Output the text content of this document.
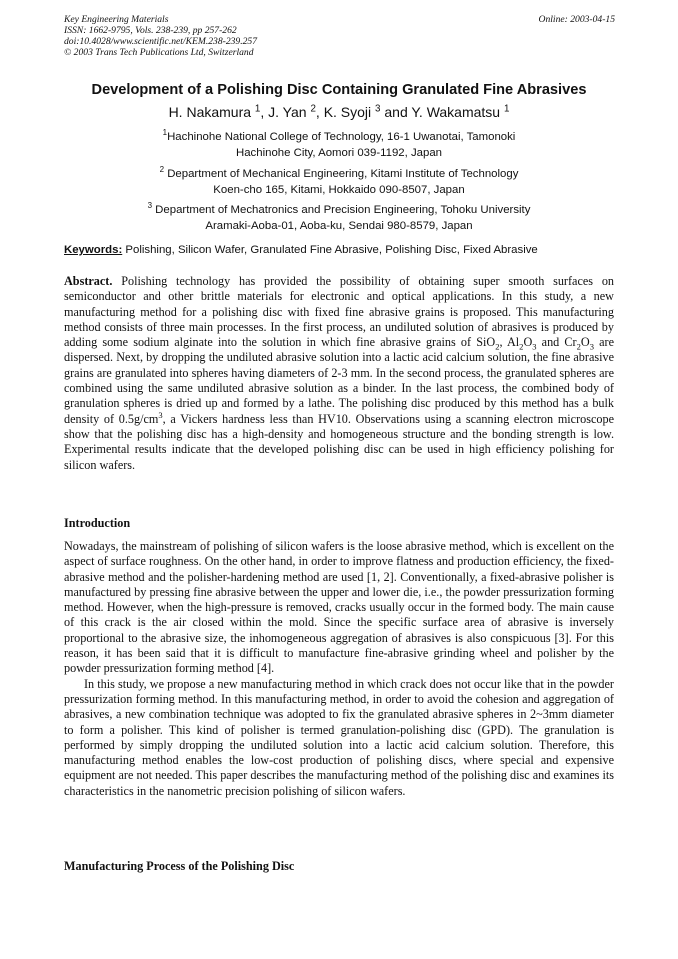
Key Engineering Materials
ISSN: 1662-9795, Vols. 238-239, pp 257-262
doi:10.4028/www.scientific.net/KEM.238-239.257
© 2003 Trans Tech Publications Ltd, Switzerland
Online: 2003-04-15
Development of a Polishing Disc Containing Granulated Fine Abrasives
H. Nakamura $^1$, J. Yan $^2$, K. Syoji $^3$ and Y. Wakamatsu $^1$
$^1$Hachinohe National College of Technology, 16-1 Uwanotai, Tamonoki
Hachinohe City, Aomori 039-1192, Japan
$^2$ Department of Mechanical Engineering, Kitami Institute of Technology
Koen-cho 165, Kitami, Hokkaido 090-8507, Japan
$^3$ Department of Mechatronics and Precision Engineering, Tohoku University
Aramaki-Aoba-01, Aoba-ku, Sendai 980-8579, Japan
Keywords: Polishing, Silicon Wafer, Granulated Fine Abrasive, Polishing Disc, Fixed Abrasive
Abstract. Polishing technology has provided the possibility of obtaining super smooth surfaces on semiconductor and other brittle materials for electronic and optical applications. In this study, a new manufacturing method for a polishing disc with fixed fine abrasive grains is proposed. This manufacturing method consists of three main processes. In the first process, an undiluted solution of abrasives is produced by adding some sodium alginate into the solution in which fine abrasive grains of SiO$_2$, $Al_2O_3$ and $Cr_2O_3$ are dispersed. Next, by dropping the undiluted abrasive solution into a lactic acid calcium solution, the fine abrasive grains are granulated into spheres having diameters of 2-3 mm. In the second process, the granulated spheres are combined using the same undiluted abrasive solution as a binder. In the last process, the combined body of granulation spheres is dried up and formed by a lathe. The polishing disc produced by this method has a bulk density of $0.5g/cm^3$, a Vickers hardness less than HV10. Observations using a scanning electron microscope show that the polishing disc has a high-density and homogeneous structure and the bonding strength is low. Experimental results indicate that the developed polishing disc can be used in high efficiency polishing for silicon wafers.
Introduction
Nowadays, the mainstream of polishing of silicon wafers is the loose abrasive method, which is excellent on the aspect of surface roughness. On the other hand, in order to improve flatness and production efficiency, the fixed-abrasive method and the polisher-hardening method are used [1, 2]. Conventionally, a fixed-abrasive polisher is manufactured by pressing fine abrasive between the upper and lower die, i.e., the powder pressurization forming method. However, when the high-pressure is removed, cracks usually occur in the formed body. The main cause of this crack is the air closed within the mold. Since the specific surface area of abrasive is inversely proportional to the abrasive size, the inhomogeneous aggregation of abrasives is also conspicuous [3]. For this reason, it has been said that it is difficult to manufacture fine-abrasive grinding wheel and polisher by the powder pressurization forming method [4].
In this study, we propose a new manufacturing method in which crack does not occur like that in the powder pressurization forming method. In this manufacturing method, in order to avoid the cohesion and aggregation of abrasives, a new combination technique was adopted to fix the granulated abrasive spheres in 2~3mm diameter to form a polisher. This kind of polisher is termed granulation-polishing disc (GPD). The granulation is performed by simply dropping the undiluted solution into a lactic acid calcium solution. Therefore, this manufacturing method enables the low-cost production of polishing discs, where special and expensive equipment are not needed. This paper describes the manufacturing method of the polishing disc and examines its characteristics in the nanometric precision polishing of silicon wafers.
Manufacturing Process of the Polishing Disc
